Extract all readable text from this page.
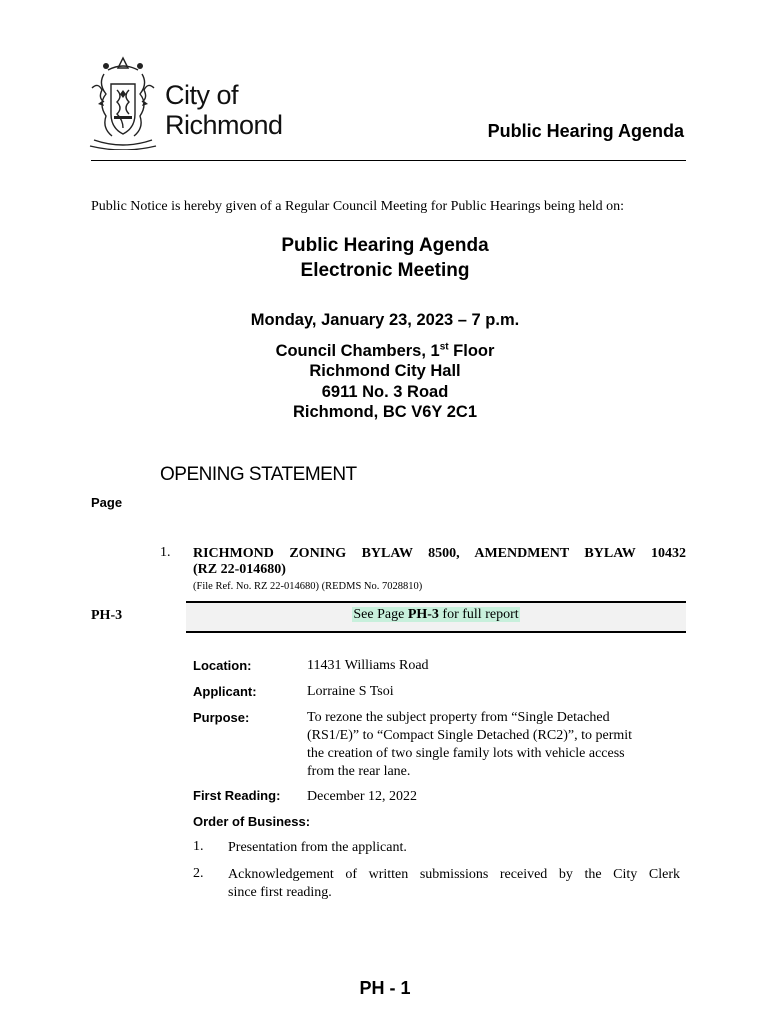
City of
Richmond	Public Hearing Agenda
Public Notice is hereby given of a Regular Council Meeting for Public Hearings being held on:
Public Hearing Agenda
Electronic Meeting
Monday, January 23, 2023 – 7 p.m.
Council Chambers, 1st Floor
Richmond City Hall
6911 No. 3 Road
Richmond, BC V6Y 2C1
OPENING STATEMENT
Page
1. RICHMOND ZONING BYLAW 8500, AMENDMENT BYLAW 10432
(RZ 22-014680)
(File Ref. No. RZ 22-014680) (REDMS No. 7028810)
PH-3	See Page PH-3 for full report
Location:	11431 Williams Road
Applicant:	Lorraine S Tsoi
Purpose:	To rezone the subject property from “Single Detached
(RS1/E)” to “Compact Single Detached (RC2)”, to permit
the creation of two single family lots with vehicle access
from the rear lane.
First Reading: December 12, 2022
Order of Business:
1. Presentation from the applicant.
2. Acknowledgement of written submissions received by the City Clerk
since first reading.
PH - 1
